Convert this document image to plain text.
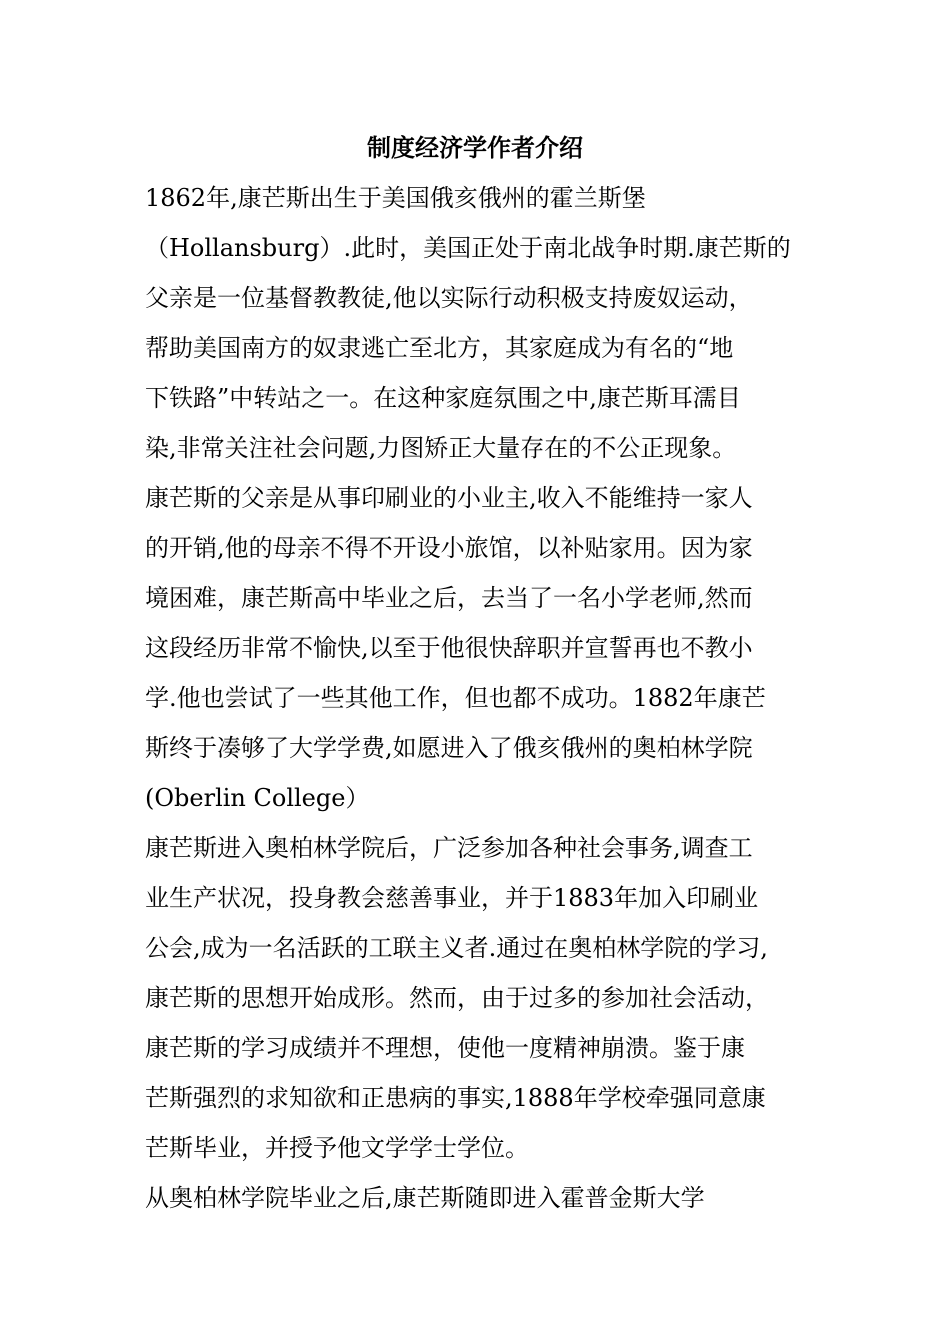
制度经济学作者介绍
1862年,康芒斯出生于美国俄亥俄州的霍兰斯堡
（Hollansburg）.此时，美国正处于南北战争时期.康芒斯的
父亲是一位基督教教徒,他以实际行动积极支持废奴运动，
帮助美国南方的奴隶逃亡至北方，其家庭成为有名的“地
下铁路”中转站之一。在这种家庭氛围之中,康芒斯耳濡目
染,非常关注社会问题,力图矫正大量存在的不公正现象。
康芒斯的父亲是从事印刷业的小业主,收入不能维持一家人
的开销,他的母亲不得不开设小旅馆，以补贴家用。因为家
境困难，康芒斯高中毕业之后，去当了一名小学老师,然而
这段经历非常不愉快,以至于他很快辞职并宣誓再也不教小
学.他也尝试了一些其他工作，但也都不成功。1882年康芒
斯终于凑够了大学学费,如愿进入了俄亥俄州的奥柏林学院
(Oberlin College）
康芒斯进入奥柏林学院后，广泛参加各种社会事务,调查工
业生产状况，投身教会慈善事业，并于1883年加入印刷业
公会,成为一名活跃的工联主义者.通过在奥柏林学院的学习,
康芒斯的思想开始成形。然而，由于过多的参加社会活动，
康芒斯的学习成绩并不理想，使他一度精神崩溃。鉴于康
芒斯强烈的求知欲和正患病的事实,1888年学校牵强同意康
芒斯毕业，并授予他文学学士学位。
从奥柏林学院毕业之后,康芒斯随即进入霍普金斯大学
